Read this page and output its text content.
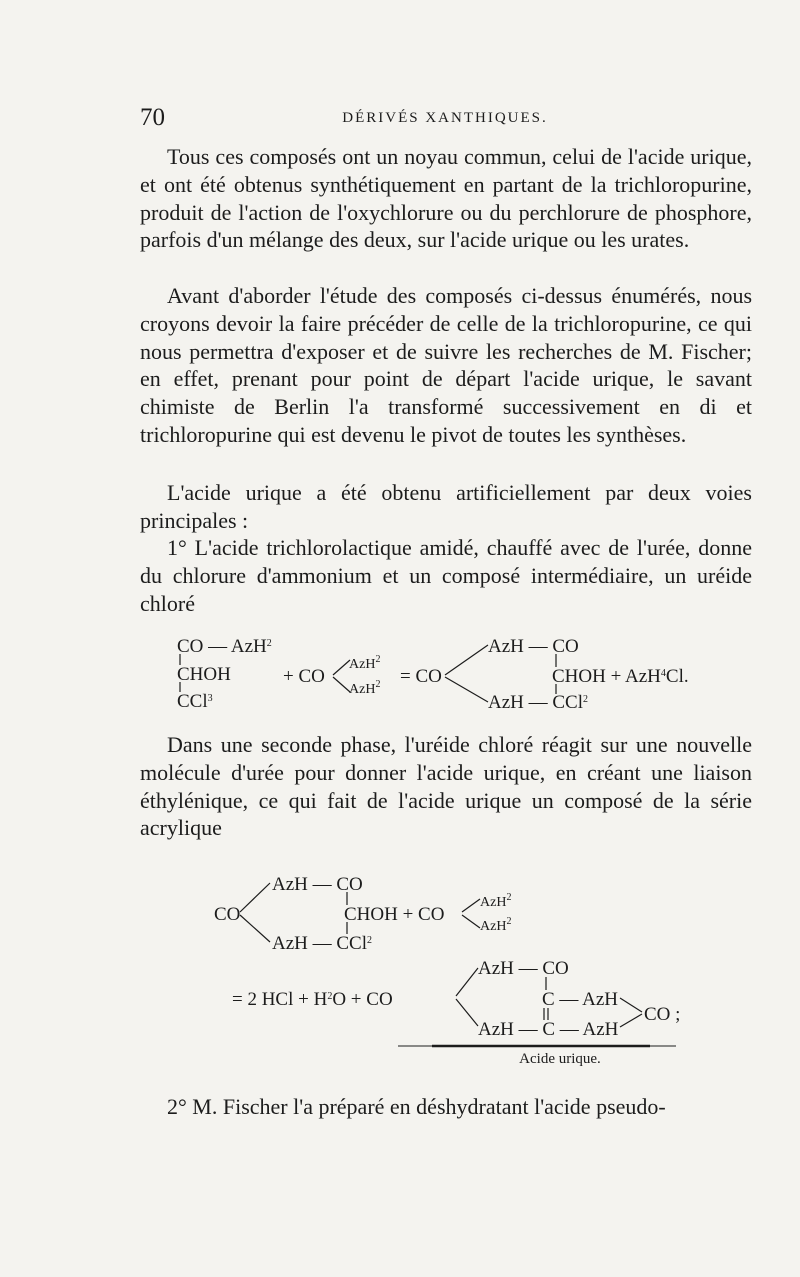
70	DÉRIVÉS XANTHIQUES.

Tous ces composés ont un noyau commun, celui de l'acide urique, et ont été obtenus synthétiquement en partant de la trichloropurine, produit de l'action de l'oxychlorure ou du perchlorure de phosphore, parfois d'un mélange des deux, sur l'acide urique ou les urates.

Avant d'aborder l'étude des composés ci-dessus énumérés, nous croyons devoir la faire précéder de celle de la trichloropurine, ce qui nous permettra d'exposer et de suivre les recherches de M. Fischer; en effet, prenant pour point de départ l'acide urique, le savant chimiste de Berlin l'a transformé successivement en di et trichloropurine qui est devenu le pivot de toutes les synthèses.

L'acide urique a été obtenu artificiellement par deux voies principales :

1° L'acide trichlorolactique amidé, chauffé avec de l'urée, donne du chlorure d'ammonium et un composé intermédiaire, un uréide chloré

Dans une seconde phase, l'uréide chloré réagit sur une nouvelle molécule d'urée pour donner l'acide urique, en créant une liaison éthylénique, ce qui fait de l'acide urique un composé de la série acrylique

2° M. Fischer l'a préparé en déshydratant l'acide pseudo-

CO — AzH$^2$
CHOH
CCl$^3$
+ CO
AzH$^2$
AzH$^2$ = CO
AzH — CO
CHOH + AzH$^4$Cl.
AzH — CCl$^2$
AzH — CO
CO	CHOH + CO
AzH$^2$
AzH$^2$
AzH — CCl$^2$
AzH — CO
= 2 HCl + $H^2O$ + CO	C — AzH
CO ;
AzH — C — AzH
Acide urique.
